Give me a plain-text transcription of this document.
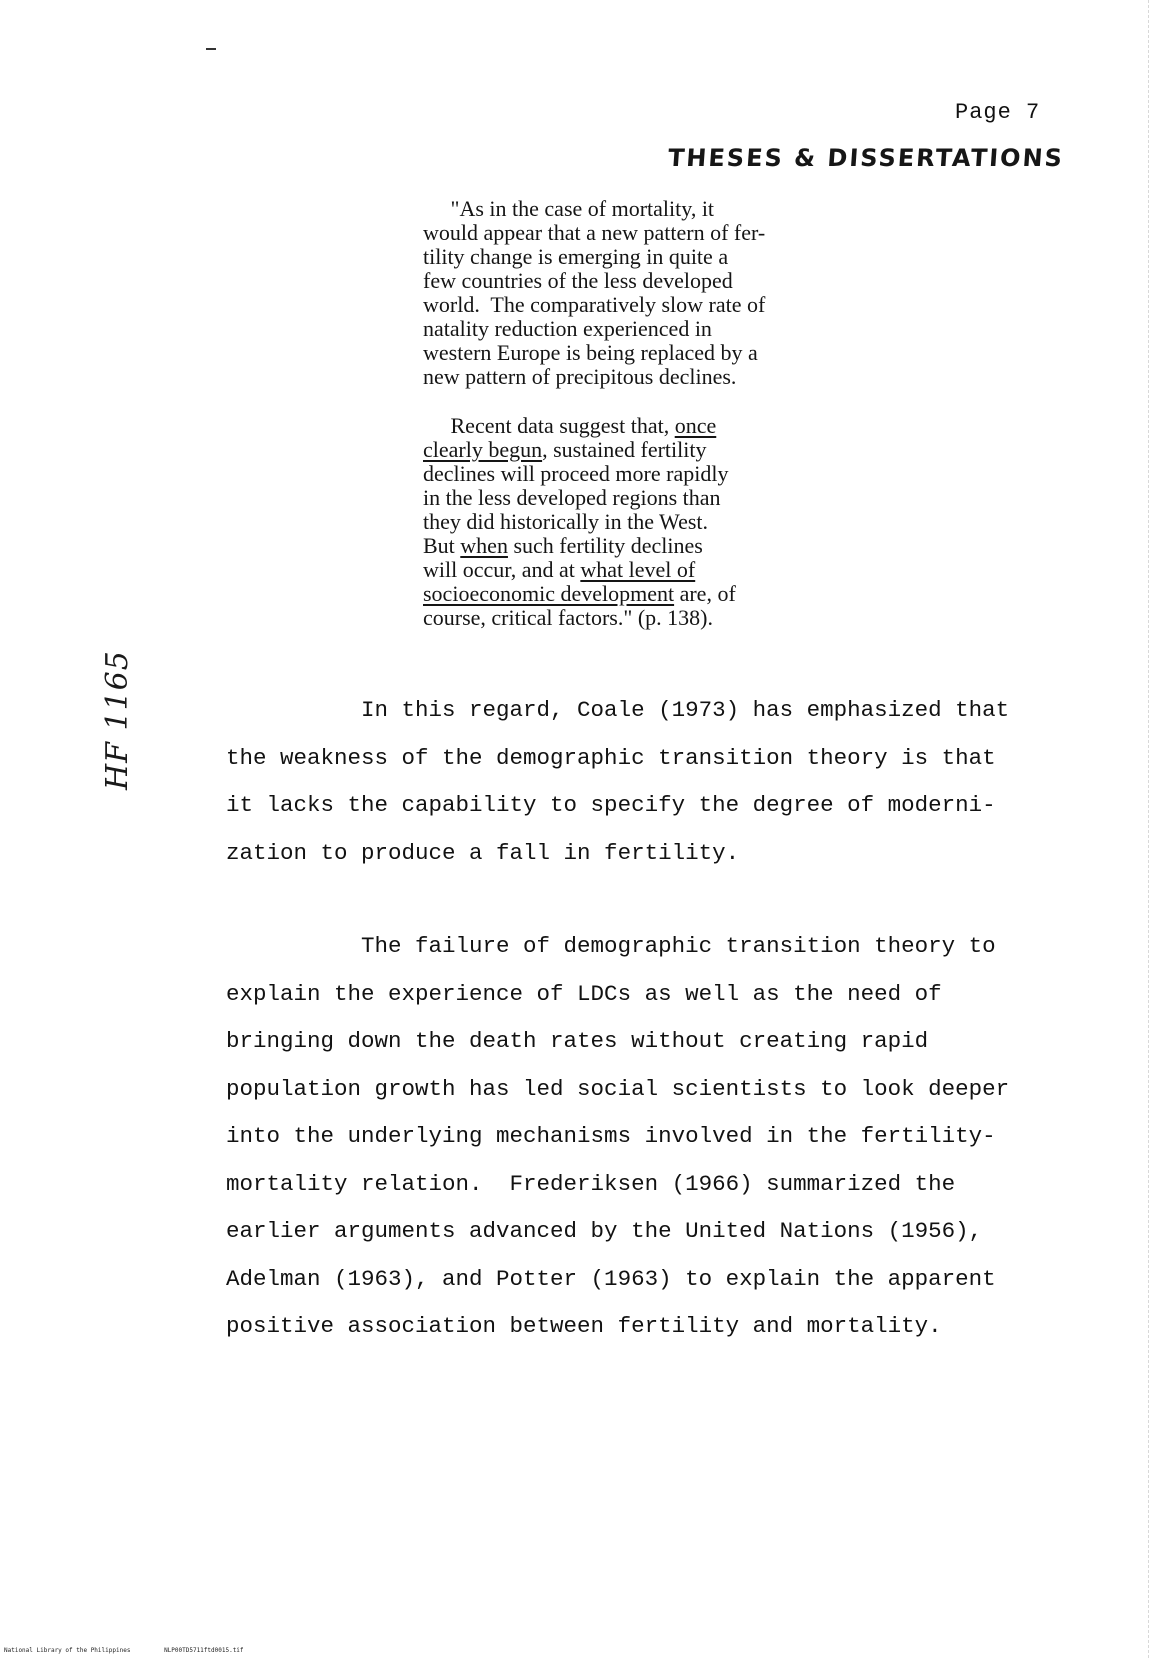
Page 7
THESES & DISSERTATIONS
"As in the case of mortality, it
would appear that a new pattern of fer-
tility change is emerging in quite a
few countries of the less developed
world.  The comparatively slow rate of
natality reduction experienced in
western Europe is being replaced by a
new pattern of precipitous declines.
Recent data suggest that, once
clearly begun, sustained fertility
declines will proceed more rapidly
in the less developed regions than
they did historically in the West.
But when such fertility declines
will occur, and at what level of
socioeconomic development are, of
course, critical factors." (p. 138).
In this regard, Coale (1973) has emphasized that
the weakness of the demographic transition theory is that
it lacks the capability to specify the degree of moderni-
zation to produce a fall in fertility.
The failure of demographic transition theory to
explain the experience of LDCs as well as the need of
bringing down the death rates without creating rapid
population growth has led social scientists to look deeper
into the underlying mechanisms involved in the fertility-
mortality relation.  Frederiksen (1966) summarized the
earlier arguments advanced by the United Nations (1956),
Adelman (1963), and Potter (1963) to explain the apparent
positive association between fertility and mortality.
HF 1165
National Library of the Philippines	NLP00TD5711ftd0015.tif
